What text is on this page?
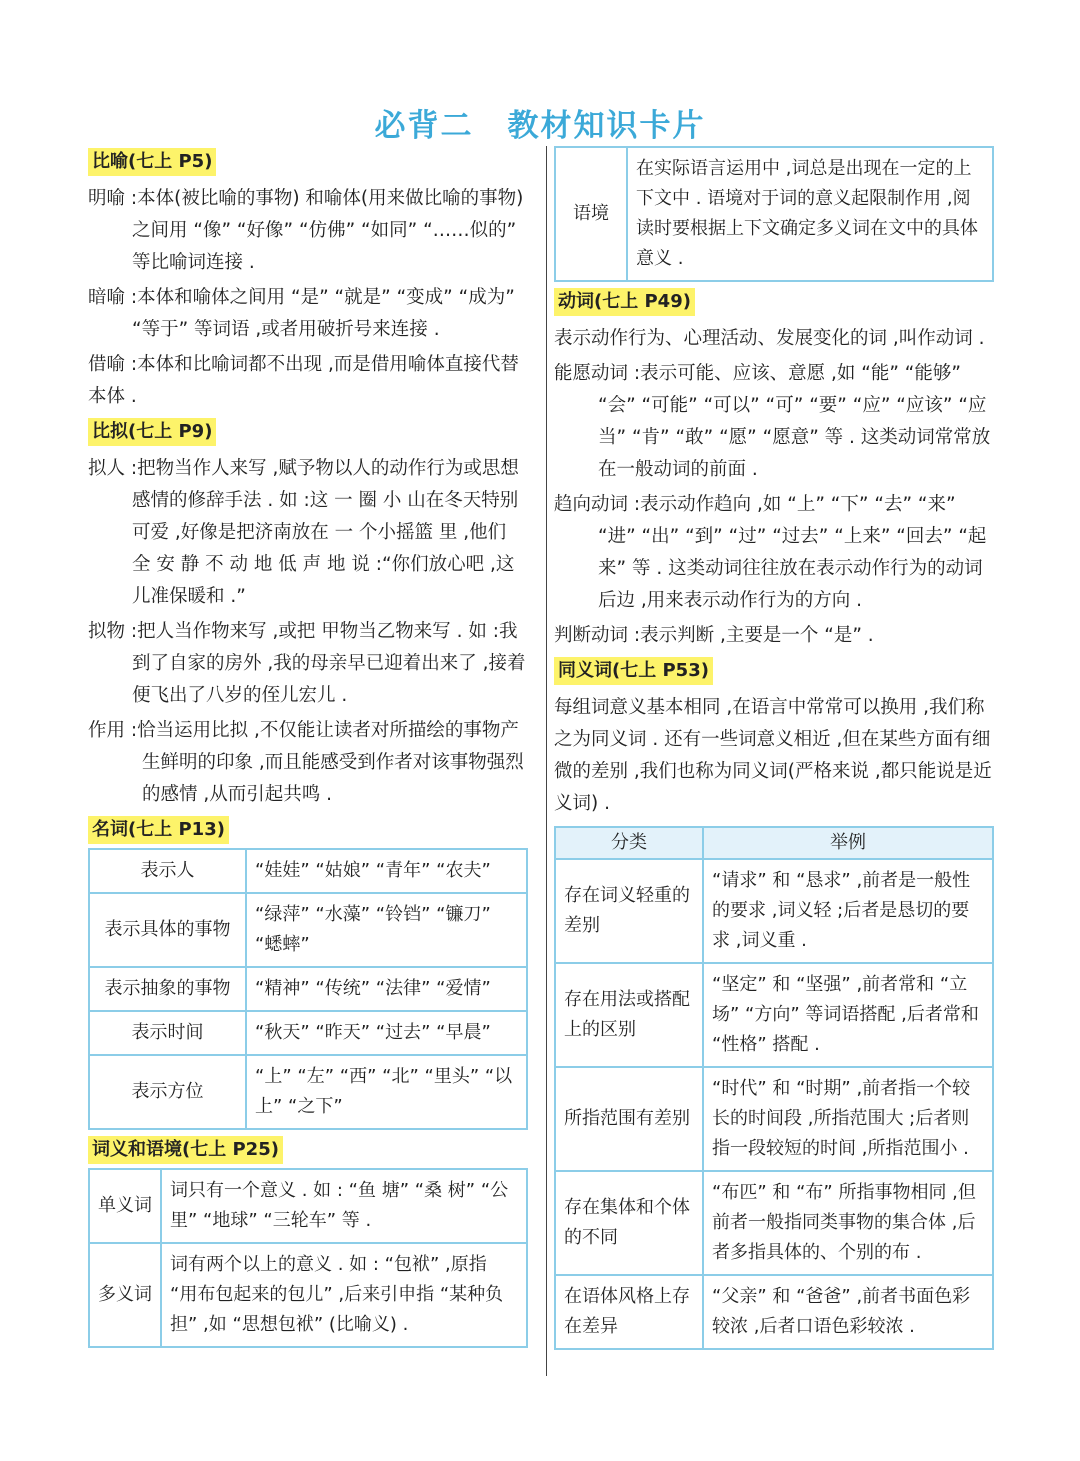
必背二 教材知识卡片
比喻(七上 P5)
明喻 :本体(被比喻的事物) 和喻体(用来做比喻的事物) 之间用 “像” “好像” “仿佛” “如同” “……似的” 等比喻词连接 .
暗喻 :本体和喻体之间用 “是” “就是” “变成” “成为” “等于” 等词语 ,或者用破折号来连接 .
借喻 :本体和比喻词都不出现 ,而是借用喻体直接代替本体 .
比拟(七上 P9)
拟人 :把物当作人来写 ,赋予物以人的动作行为或思想感情的修辞手法 . 如 :这 一 圈 小 山在冬天特别可爱 ,好像是把济南放在 一 个小摇篮 里 ,他们 全 安 静 不 动 地 低 声 地 说 :“你们放心吧 ,这儿准保暖和 .”
拟物 :把人当作物来写 ,或把 甲物当乙物来写 . 如 :我到了自家的房外 ,我的母亲早已迎着出来了 ,接着便飞出了八岁的侄儿宏儿 .
作用 :恰当运用比拟 ,不仅能让读者对所描绘的事物产生鲜明的印象 ,而且能感受到作者对该事物强烈的感情 ,从而引起共鸣 .
名词(七上 P13)
表示人	“娃娃” “姑娘” “青年” “农夫”
表示具体的事物	“绿萍” “水藻” “铃铛” “镰刀” “蟋蟀”
表示抽象的事物	“精神” “传统” “法律” “爱情”
表示时间	“秋天” “昨天” “过去” “早晨”
表示方位	“上” “左” “西” “北” “里头” “以上” “之下”
词义和语境(七上 P25)
单义词	词只有一个意义 . 如 : “鱼 塘” “桑 树” “公里” “地球” “三轮车” 等 .
多义词	词有两个以上的意义 . 如 : “包袱” ,原指 “用布包起来的包儿” ,后来引申指 “某种负担” ,如 “思想包袱” (比喻义) .
语境	在实际语言运用中 ,词总是出现在一定的上下文中 . 语境对于词的意义起限制作用 ,阅读时要根据上下文确定多义词在文中的具体意义 .
动词(七上 P49)
表示动作行为、心理活动、发展变化的词 ,叫作动词 .
能愿动词 :表示可能、应该、意愿 ,如 “能” “能够” “会” “可能” “可以” “可” “要” “应” “应该” “应当” “肯” “敢” “愿” “愿意” 等 . 这类动词常常放在一般动词的前面 .
趋向动词 :表示动作趋向 ,如 “上” “下” “去” “来” “进” “出” “到” “过” “过去” “上来” “回去” “起来” 等 . 这类动词往往放在表示动作行为的动词后边 ,用来表示动作行为的方向 .
判断动词 :表示判断 ,主要是一个 “是” .
同义词(七上 P53)
每组词意义基本相同 ,在语言中常常可以换用 ,我们称之为同义词 . 还有一些词意义相近 ,但在某些方面有细微的差别 ,我们也称为同义词(严格来说 ,都只能说是近义词) .
分类	举例
存在词义轻重的差别	“请求” 和 “恳求” ,前者是一般性的要求 ,词义轻 ;后者是恳切的要求 ,词义重 .
存在用法或搭配上的区别	“坚定” 和 “坚强” ,前者常和 “立场” “方向” 等词语搭配 ,后者常和 “性格” 搭配 .
所指范围有差别	“时代” 和 “时期” ,前者指一个较长的时间段 ,所指范围大 ;后者则指一段较短的时间 ,所指范围小 .
存在集体和个体的不同	“布匹” 和 “布” 所指事物相同 ,但前者一般指同类事物的集合体 ,后者多指具体的、个别的布 .
在语体风格上存在差异	“父亲” 和 “爸爸” ,前者书面色彩较浓 ,后者口语色彩较浓 .
